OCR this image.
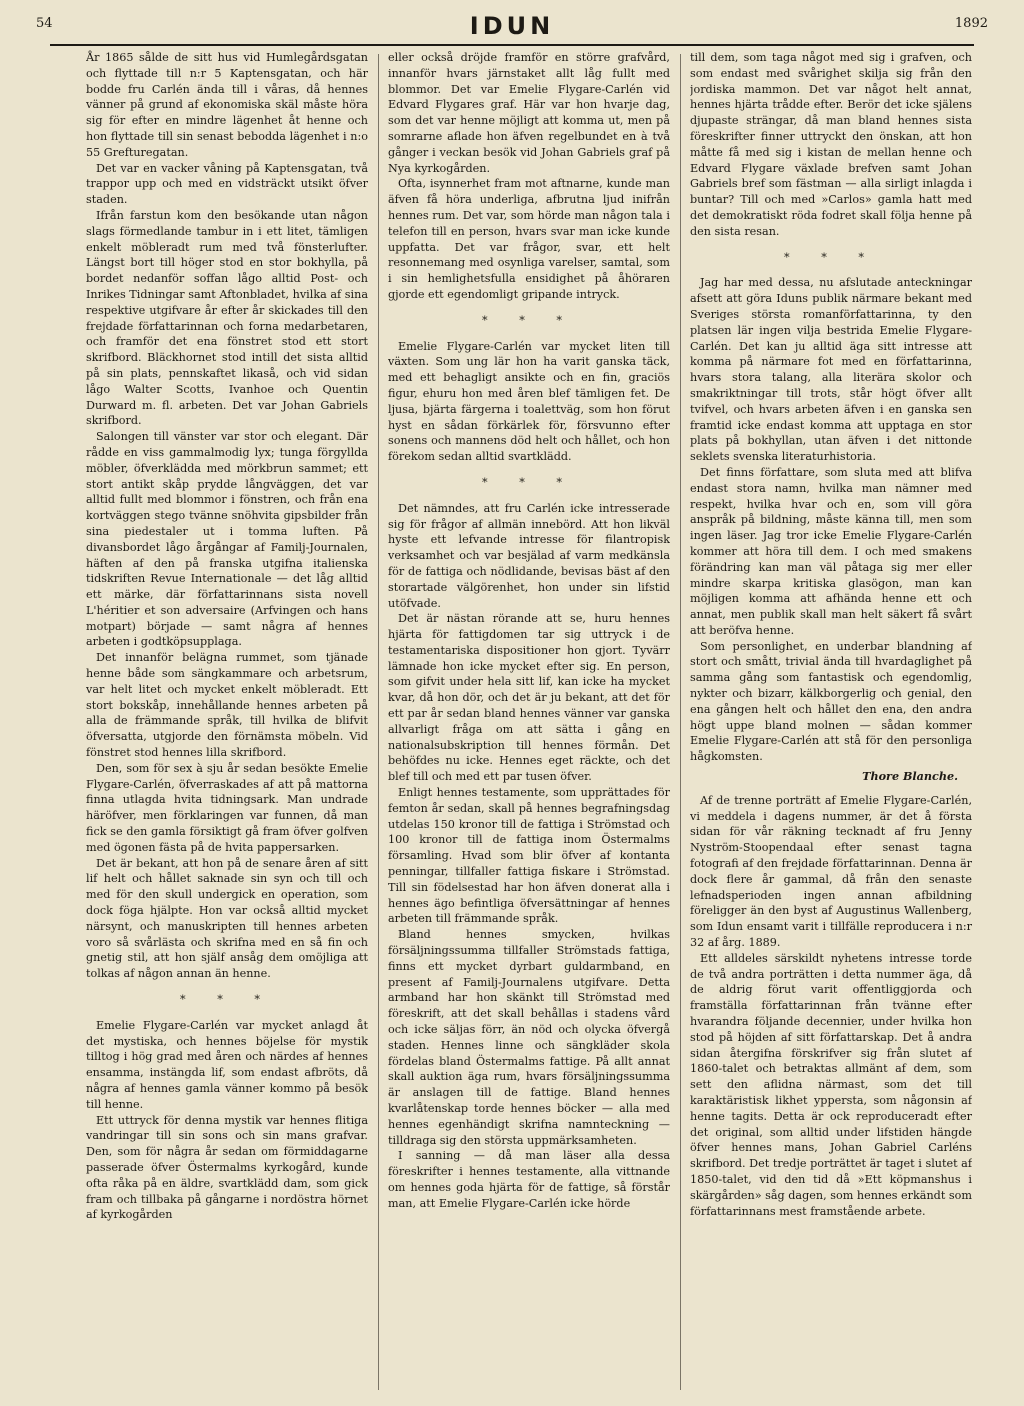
54	IDUN	1892

År 1865 sålde de sitt hus vid Humlegårdsgatan och flyttade till n:r 5 Kaptensgatan, och här bodde fru Carlén ända till i våras, då hennes vänner på grund af ekonomiska skäl måste höra sig för efter en mindre lägenhet åt henne och hon flyttade till sin senast bebodda lägenhet i n:o 55 Grefturegatan.

Det var en vacker våning på Kaptensgatan, två trappor upp och med en vidsträckt utsikt öfver staden.

Ifrån farstun kom den besökande utan någon slags förmedlande tambur in i ett litet, tämligen enkelt möbleradt rum med två fönsterlufter. Längst bort till höger stod en stor bokhylla, på bordet nedanför soffan lågo alltid Post- och Inrikes Tidningar samt Aftonbladet, hvilka af sina respektive utgifvare år efter år skickades till den frejdade författarinnan och forna medarbetaren, och framför det ena fönstret stod ett stort skrifbord. Bläckhornet stod intill det sista alltid på sin plats, pennskaftet likaså, och vid sidan lågo Walter Scotts, Ivanhoe och Quentin Durward m. fl. arbeten. Det var Johan Gabriels skrifbord.

Salongen till vänster var stor och elegant. Där rådde en viss gammalmodig lyx; tunga förgyllda möbler, öfverklädda med mörkbrun sammet; ett stort antikt skåp prydde långväggen, det var alltid fullt med blommor i fönstren, och från ena kortväggen stego tvänne snöhvita gipsbilder från sina piedestaler ut i tomma luften. På divansbordet lågo årgångar af Familj-Journalen, häften af den på franska utgifna italienska tidskriften Revue Internationale — det låg alltid ett märke, där författarinnans sista novell L'héritier et son adversaire (Arfvingen och hans motpart) började — samt några af hennes arbeten i godtköpsupplaga.

Det innanför belägna rummet, som tjänade henne både som sängkammare och arbetsrum, var helt litet och mycket enkelt möbleradt. Ett stort bokskåp, innehållande hennes arbeten på alla de främmande språk, till hvilka de blifvit öfversatta, utgjorde den förnämsta möbeln. Vid fönstret stod hennes lilla skrifbord.

Den, som för sex à sju år sedan besökte Emelie Flygare-Carlén, öfverraskades af att på mattorna finna utlagda hvita tidningsark. Man undrade häröfver, men förklaringen var funnen, då man fick se den gamla försiktigt gå fram öfver golfven med ögonen fästa på de hvita pappersarken.

Det är bekant, att hon på de senare åren af sitt lif helt och hållet saknade sin syn och till och med för den skull undergick en operation, som dock föga hjälpte. Hon var också alltid mycket närsynt, och manuskripten till hennes arbeten voro så svårlästa och skrifna med en så fin och gnetig stil, att hon själf ansåg dem omöjliga att tolkas af någon annan än henne.

* * *

Emelie Flygare-Carlén var mycket anlagd åt det mystiska, och hennes böjelse för mystik tilltog i hög grad med åren och närdes af hennes ensamma, instängda lif, som endast afbröts, då några af hennes gamla vänner kommo på besök till henne.

Ett uttryck för denna mystik var hennes flitiga vandringar till sin sons och sin mans grafvar. Den, som för några år sedan om förmiddagarne passerade öfver Östermalms kyrkogård, kunde ofta råka på en äldre, svartklädd dam, som gick fram och tillbaka på gångarne i nordöstra hörnet af kyrkogården

eller också dröjde framför en större grafvård, innanför hvars järnstaket allt låg fullt med blommor. Det var Emelie Flygare-Carlén vid Edvard Flygares graf. Här var hon hvarje dag, som det var henne möjligt att komma ut, men på somrarne aflade hon äfven regelbundet en à två gånger i veckan besök vid Johan Gabriels graf på Nya kyrkogården.

Ofta, isynnerhet fram mot aftnarne, kunde man äfven få höra underliga, afbrutna ljud inifrån hennes rum. Det var, som hörde man någon tala i telefon till en person, hvars svar man icke kunde uppfatta. Det var frågor, svar, ett helt resonnemang med osynliga varelser, samtal, som i sin hemlighetsfulla ensidighet på åhöraren gjorde ett egendomligt gripande intryck.

* * *

Emelie Flygare-Carlén var mycket liten till växten. Som ung lär hon ha varit ganska täck, med ett behagligt ansikte och en fin, graciös figur, ehuru hon med åren blef tämligen fet. De ljusa, bjärta färgerna i toalettväg, som hon förut hyst en sådan förkärlek för, försvunno efter sonens och mannens död helt och hållet, och hon förekom sedan alltid svartklädd.

* * *

Det nämndes, att fru Carlén icke intresserade sig för frågor af allmän innebörd. Att hon likväl hyste ett lefvande intresse för filantropisk verksamhet och var besjälad af varm medkänsla för de fattiga och nödlidande, bevisas bäst af den storartade välgörenhet, hon under sin lifstid utöfvade.

Det är nästan rörande att se, huru hennes hjärta för fattigdomen tar sig uttryck i de testamentariska dispositioner hon gjort. Tyvärr lämnade hon icke mycket efter sig. En person, som gifvit under hela sitt lif, kan icke ha mycket kvar, då hon dör, och det är ju bekant, att det för ett par år sedan bland hennes vänner var ganska allvarligt fråga om att sätta i gång en nationalsubskription till hennes förmån. Det behöfdes nu icke. Hennes eget räckte, och det blef till och med ett par tusen öfver.

Enligt hennes testamente, som upprättades för femton år sedan, skall på hennes begrafningsdag utdelas 150 kronor till de fattiga i Strömstad och 100 kronor till de fattiga inom Östermalms församling. Hvad som blir öfver af kontanta penningar, tillfaller fattiga fiskare i Strömstad. Till sin födelsestad har hon äfven donerat alla i hennes ägo befintliga öfversättningar af hennes arbeten till främmande språk.

Bland hennes smycken, hvilkas försäljningssumma tillfaller Strömstads fattiga, finns ett mycket dyrbart guldarmband, en present af Familj-Journalens utgifvare. Detta armband har hon skänkt till Strömstad med föreskrift, att det skall behållas i stadens vård och icke säljas förr, än nöd och olycka öfvergå staden. Hennes linne och sängkläder skola fördelas bland Östermalms fattige. På allt annat skall auktion äga rum, hvars försäljningssumma är anslagen till de fattige. Bland hennes kvarlåtenskap torde hennes böcker — alla med hennes egenhändigt skrifna namnteckning — tilldraga sig den största uppmärksamheten.

I sanning — då man läser alla dessa föreskrifter i hennes testamente, alla vittnande om hennes goda hjärta för de fattige, så förstår man, att Emelie Flygare-Carlén icke hörde

till dem, som taga något med sig i grafven, och som endast med svårighet skilja sig från den jordiska mammon. Det var något helt annat, hennes hjärta trådde efter. Berör det icke själens djupaste strängar, då man bland hennes sista föreskrifter finner uttryckt den önskan, att hon måtte få med sig i kistan de mellan henne och Edvard Flygare växlade brefven samt Johan Gabriels bref som fästman — alla sirligt inlagda i buntar? Till och med »Carlos» gamla hatt med det demokratiskt röda fodret skall följa henne på den sista resan.

* * *

Jag har med dessa, nu afslutade anteckningar afsett att göra Iduns publik närmare bekant med Sveriges största romanförfattarinna, ty den platsen lär ingen vilja bestrida Emelie Flygare-Carlén. Det kan ju alltid äga sitt intresse att komma på närmare fot med en författarinna, hvars stora talang, alla literära skolor och smakriktningar till trots, står högt öfver allt tvifvel, och hvars arbeten äfven i en ganska sen framtid icke endast komma att upptaga en stor plats på bokhyllan, utan äfven i det nittonde seklets svenska literaturhistoria.

Det finns författare, som sluta med att blifva endast stora namn, hvilka man nämner med respekt, hvilka hvar och en, som vill göra anspråk på bildning, måste känna till, men som ingen läser. Jag tror icke Emelie Flygare-Carlén kommer att höra till dem. I och med smakens förändring kan man väl påtaga sig mer eller mindre skarpa kritiska glasögon, man kan möjligen komma att afhända henne ett och annat, men publik skall man helt säkert få svårt att beröfva henne.

Som personlighet, en underbar blandning af stort och smått, trivial ända till hvardaglighet på samma gång som fantastisk och egendomlig, nykter och bizarr, kälkborgerlig och genial, den ena gången helt och hållet den ena, den andra högt uppe bland molnen — sådan kommer Emelie Flygare-Carlén att stå för den personliga hågkomsten.

Thore Blanche.

Af de trenne porträtt af Emelie Flygare-Carlén, vi meddela i dagens nummer, är det å första sidan för vår räkning tecknadt af fru Jenny Nyström-Stoopendaal efter senast tagna fotografi af den frejdade författarinnan. Denna är dock flere år gammal, då från den senaste lefnadsperioden ingen annan afbildning föreligger än den byst af Augustinus Wallenberg, som Idun ensamt varit i tillfälle reproducera i n:r 32 af årg. 1889.

Ett alldeles särskildt nyhetens intresse torde de två andra porträtten i detta nummer äga, då de aldrig förut varit offentliggjorda och framställa författarinnan från tvänne efter hvarandra följande decennier, under hvilka hon stod på höjden af sitt författarskap. Det å andra sidan återgifna förskrifver sig från slutet af 1860-talet och betraktas allmänt af dem, som sett den aflidna närmast, som det till karaktäristisk likhet yppersta, som någonsin af henne tagits. Detta är ock reproduceradt efter det original, som alltid under lifstiden hängde öfver hennes mans, Johan Gabriel Carléns skrifbord. Det tredje porträttet är taget i slutet af 1850-talet, vid den tid då »Ett köpmanshus i skärgården» såg dagen, som hennes erkändt som författarinnans mest framstående arbete.
